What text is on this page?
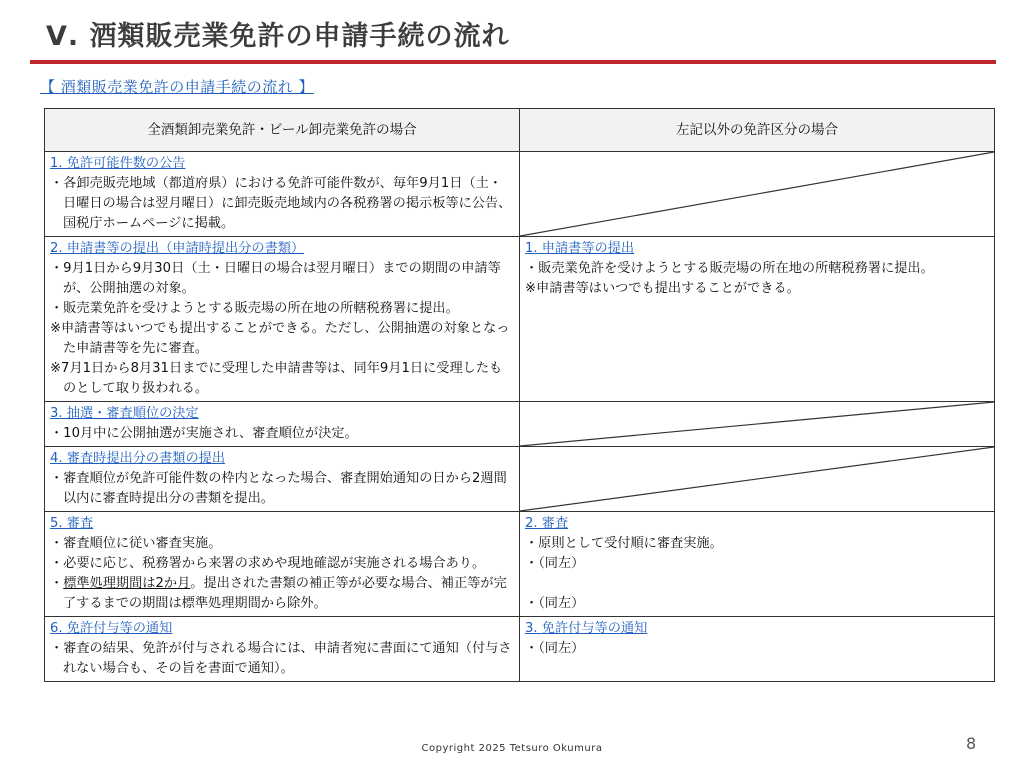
Ⅴ. 酒類販売業免許の申請手続の流れ
【 酒類販売業免許の申請手続の流れ 】
全酒類卸売業免許・ビール卸売業免許の場合	左記以外の免許区分の場合

1. 免許可能件数の公告
・各卸売販売地域（都道府県）における免許可能件数が、毎年9月1日（土・日曜日の場合は翌月曜日）に卸売販売地域内の各税務署の掲示板等に公告、国税庁ホームページに掲載。

2. 申請書等の提出（申請時提出分の書類）
・9月1日から9月30日（土・日曜日の場合は翌月曜日）までの期間の申請等が、公開抽選の対象。
・販売業免許を受けようとする販売場の所在地の所轄税務署に提出。
※申請書等はいつでも提出することができる。ただし、公開抽選の対象となった申請書等を先に審査。
※7月1日から8月31日までに受理した申請書等は、同年9月1日に受理したものとして取り扱われる。	1. 申請書等の提出
・販売業免許を受けようとする販売場の所在地の所轄税務署に提出。
※申請書等はいつでも提出することができる。

3. 抽選・審査順位の決定
・10月中に公開抽選が実施され、審査順位が決定。

4. 審査時提出分の書類の提出
・審査順位が免許可能件数の枠内となった場合、審査開始通知の日から2週間以内に審査時提出分の書類を提出。

5. 審査
・審査順位に従い審査実施。
・必要に応じ、税務署から来署の求めや現地確認が実施される場合あり。
・標準処理期間は2か月。提出された書類の補正等が必要な場合、補正等が完了するまでの期間は標準処理期間から除外。	2. 審査
・原則として受付順に審査実施。
・（同左）
・（同左）

6. 免許付与等の通知
・審査の結果、免許が付与される場合には、申請者宛に書面にて通知（付与されない場合も、その旨を書面で通知）。	3. 免許付与等の通知
・（同左）
Copyright 2025 Tetsuro Okumura	8
